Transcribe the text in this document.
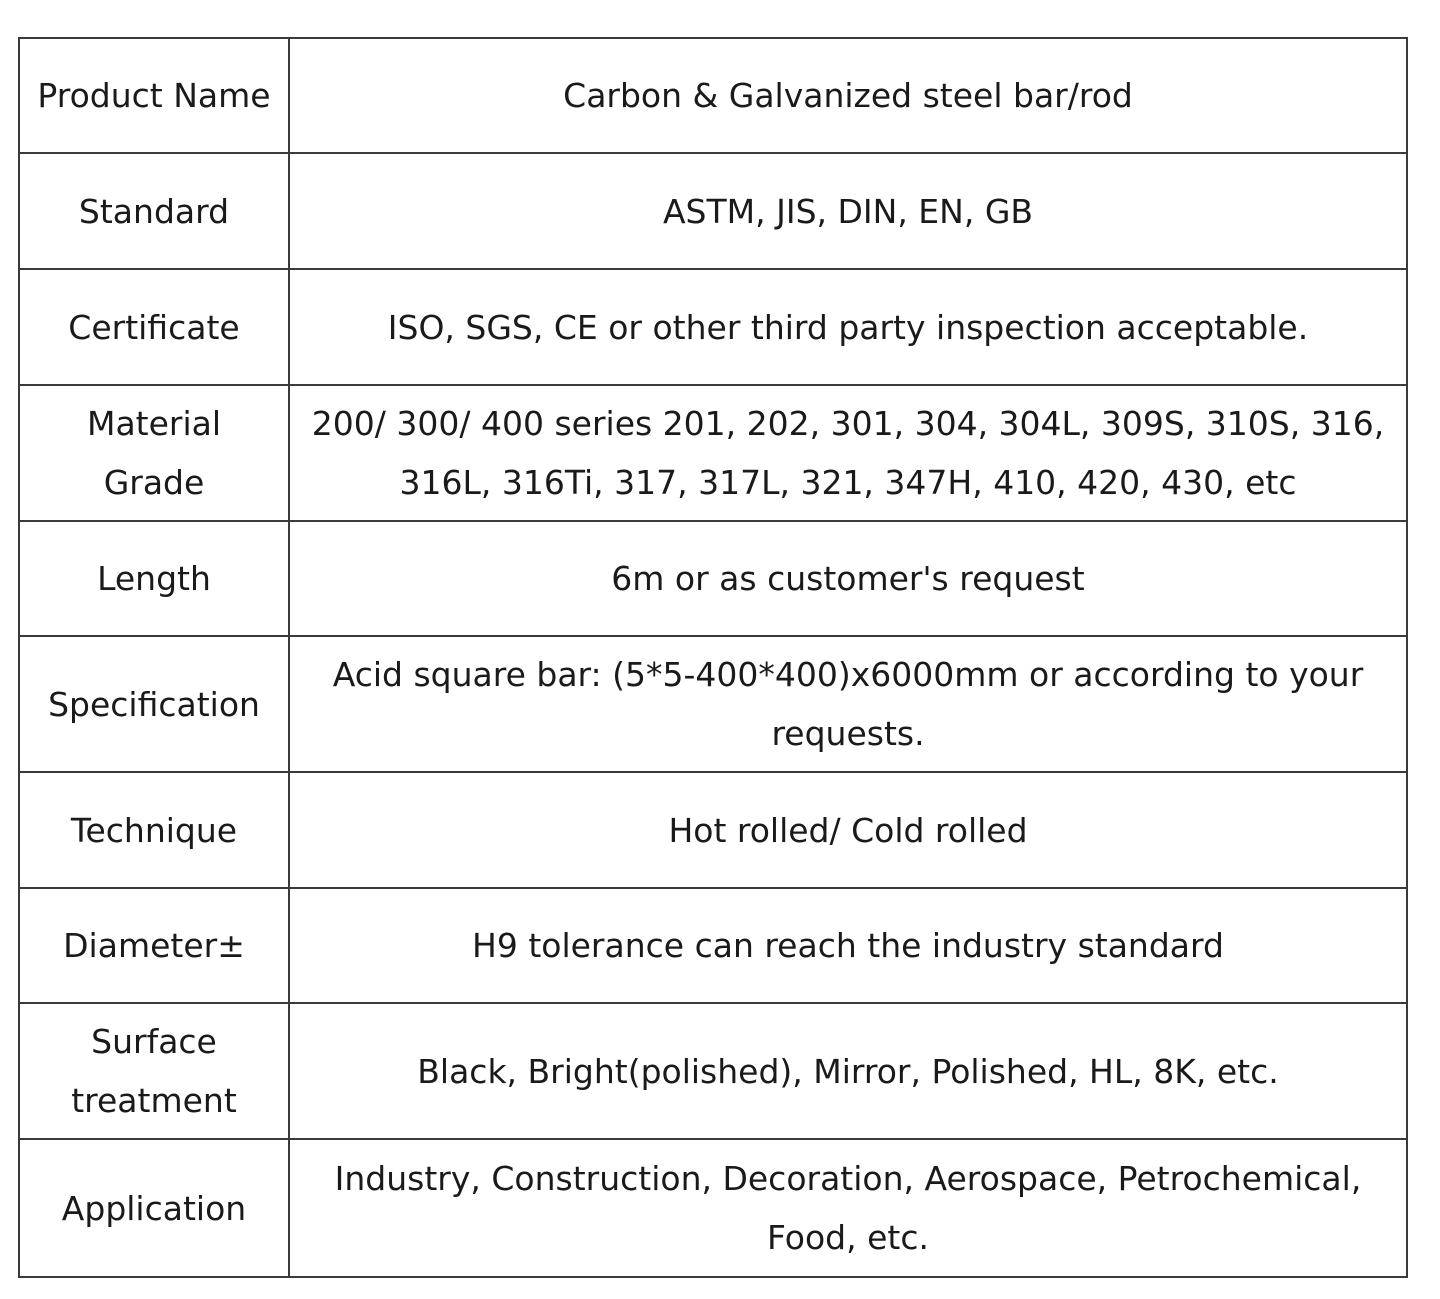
Product Name	Carbon & Galvanized steel bar/rod
Standard	ASTM, JIS, DIN, EN, GB
Certificate	ISO, SGS, CE or other third party inspection acceptable.
Material Grade	200/ 300/ 400 series 201, 202, 301, 304, 304L, 309S, 310S, 316, 316L, 316Ti, 317, 317L, 321, 347H, 410, 420, 430, etc
Length	6m or as customer's request
Specification	Acid square bar: (5*5-400*400)x6000mm or according to your requests.
Technique	Hot rolled/ Cold rolled
Diameter±	H9 tolerance can reach the industry standard
Surface treatment	Black, Bright(polished), Mirror, Polished, HL, 8K, etc.
Application	Industry, Construction, Decoration, Aerospace, Petrochemical, Food, etc.
